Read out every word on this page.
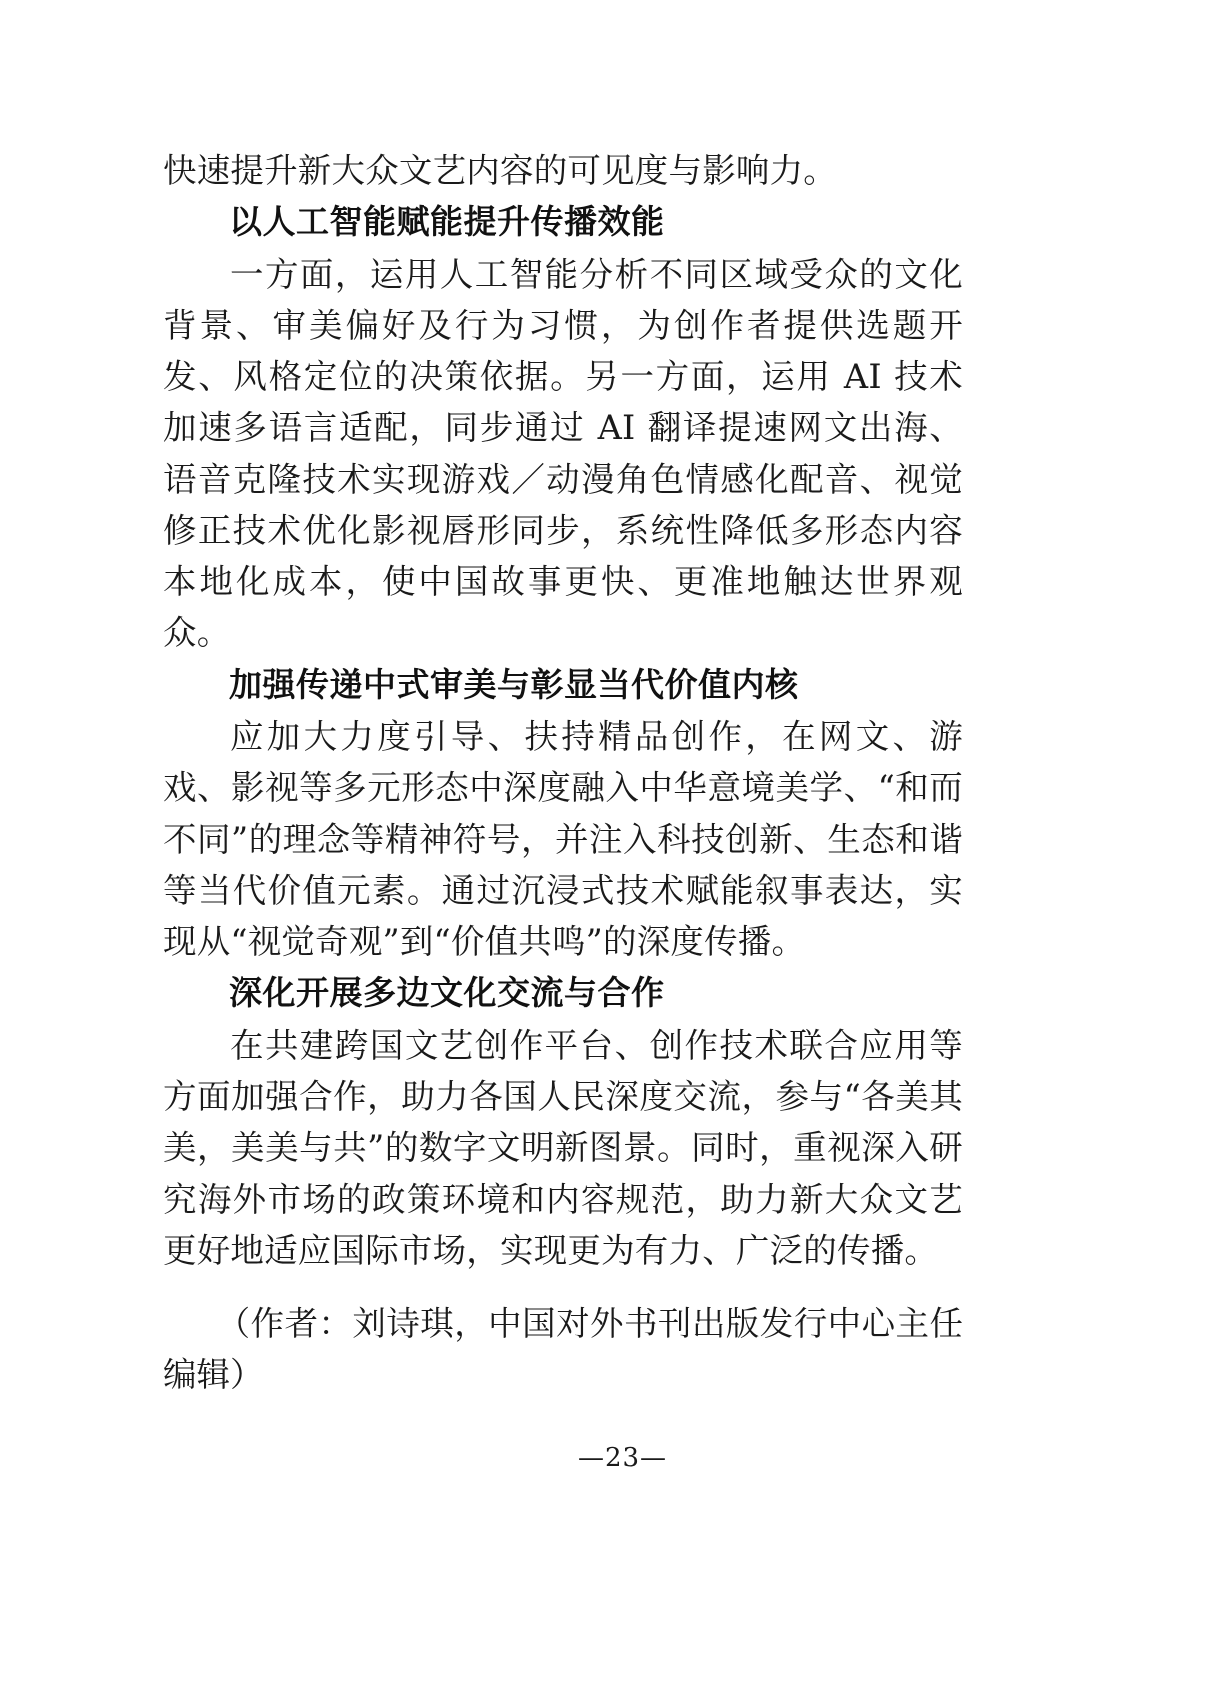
快速提升新大众文艺内容的可见度与影响力。

以人工智能赋能提升传播效能

一方面，运用人工智能分析不同区域受众的文化背景、审美偏好及行为习惯，为创作者提供选题开发、风格定位的决策依据。另一方面，运用 AI 技术加速多语言适配，同步通过 AI 翻译提速网文出海、语音克隆技术实现游戏／动漫角色情感化配音、视觉修正技术优化影视唇形同步，系统性降低多形态内容本地化成本，使中国故事更快、更准地触达世界观众。

加强传递中式审美与彰显当代价值内核

应加大力度引导、扶持精品创作，在网文、游戏、影视等多元形态中深度融入中华意境美学、“和而不同”的理念等精神符号，并注入科技创新、生态和谐等当代价值元素。通过沉浸式技术赋能叙事表达，实现从“视觉奇观”到“价值共鸣”的深度传播。

深化开展多边文化交流与合作

在共建跨国文艺创作平台、创作技术联合应用等方面加强合作，助力各国人民深度交流，参与“各美其美，美美与共”的数字文明新图景。同时，重视深入研究海外市场的政策环境和内容规范，助力新大众文艺更好地适应国际市场，实现更为有力、广泛的传播。

（作者：刘诗琪，中国对外书刊出版发行中心主任编辑）

—23—
